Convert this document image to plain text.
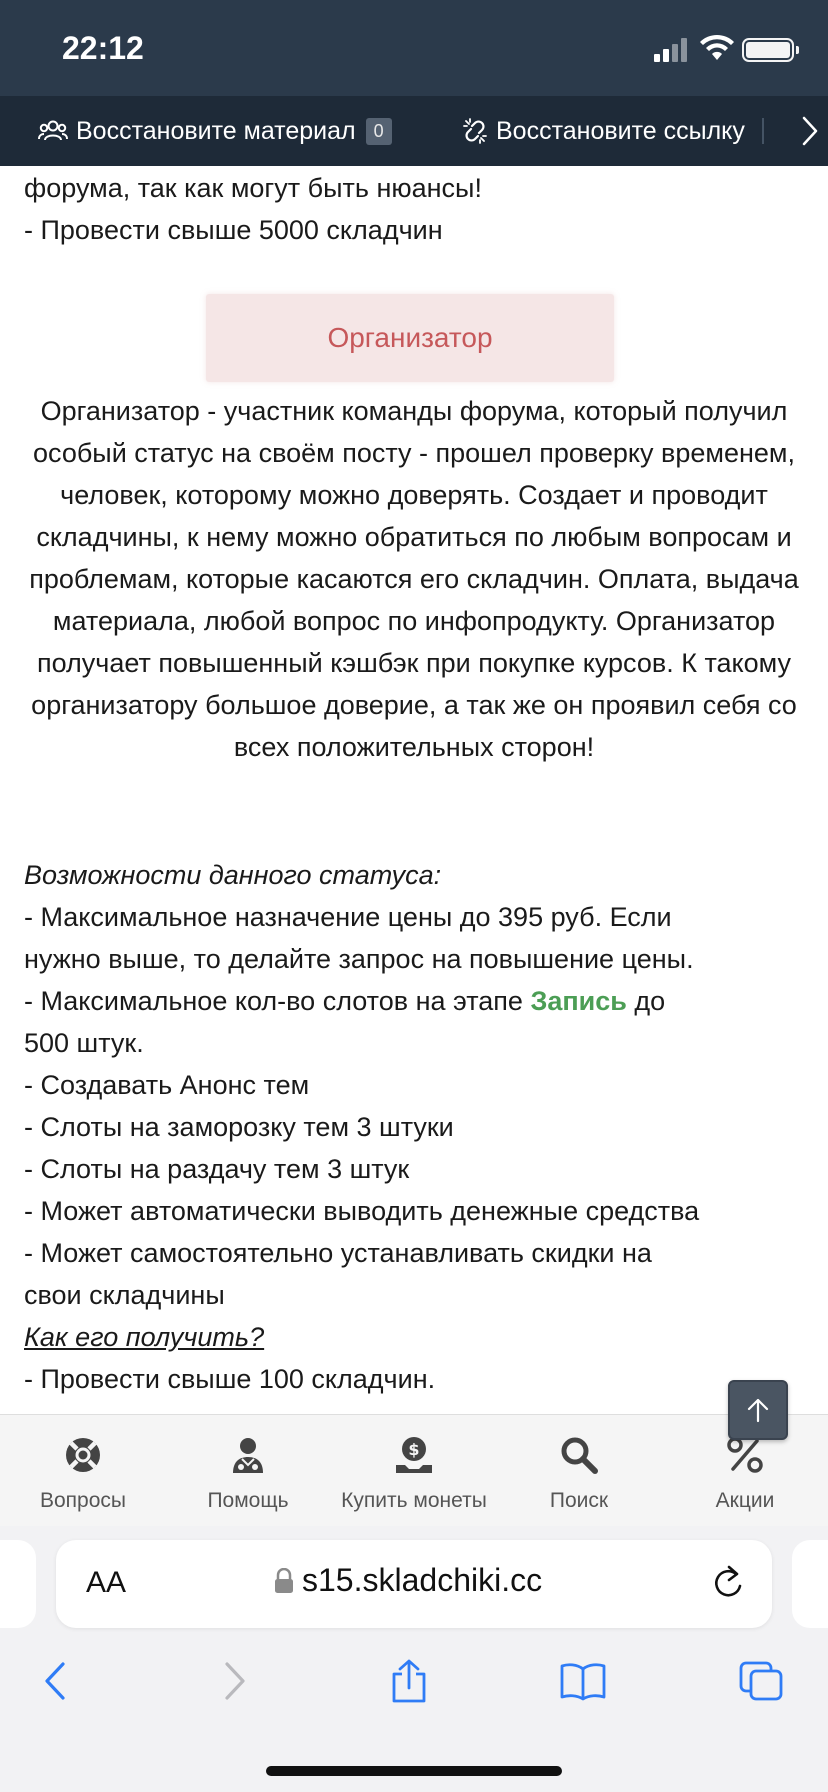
22:12
Восстановите материал	0	Восстановите ссылку
форума, так как могут быть нюансы!
- Провести свыше 5000 складчин
Организатор
Организатор - участник команды форума, который получил особый статус на своём посту - прошел проверку временем, человек, которому можно доверять. Создает и проводит складчины, к нему можно обратиться по любым вопросам и проблемам, которые касаются его складчин. Оплата, выдача материала, любой вопрос по инфопродукту. Организатор получает повышенный кэшбэк при покупке курсов. К такому организатору большое доверие, а так же он проявил себя со всех положительных сторон!
Возможности данного статуса:
- Максимальное назначение цены до 395 руб. Если
нужно выше, то делайте запрос на повышение цены.
- Максимальное кол-во слотов на этапе Запись до
500 штук.
- Создавать Анонс тем
- Слоты на заморозку тем 3 штуки
- Слоты на раздачу тем 3 штук
- Может автоматически выводить денежные средства
- Может самостоятельно устанавливать скидки на
свои складчины
Как его получить?
- Провести свыше 100 складчин.
Вопросы	Помощь
$
Купить монеты	Поиск	Акции
AA	s15.skladchiki.cc
